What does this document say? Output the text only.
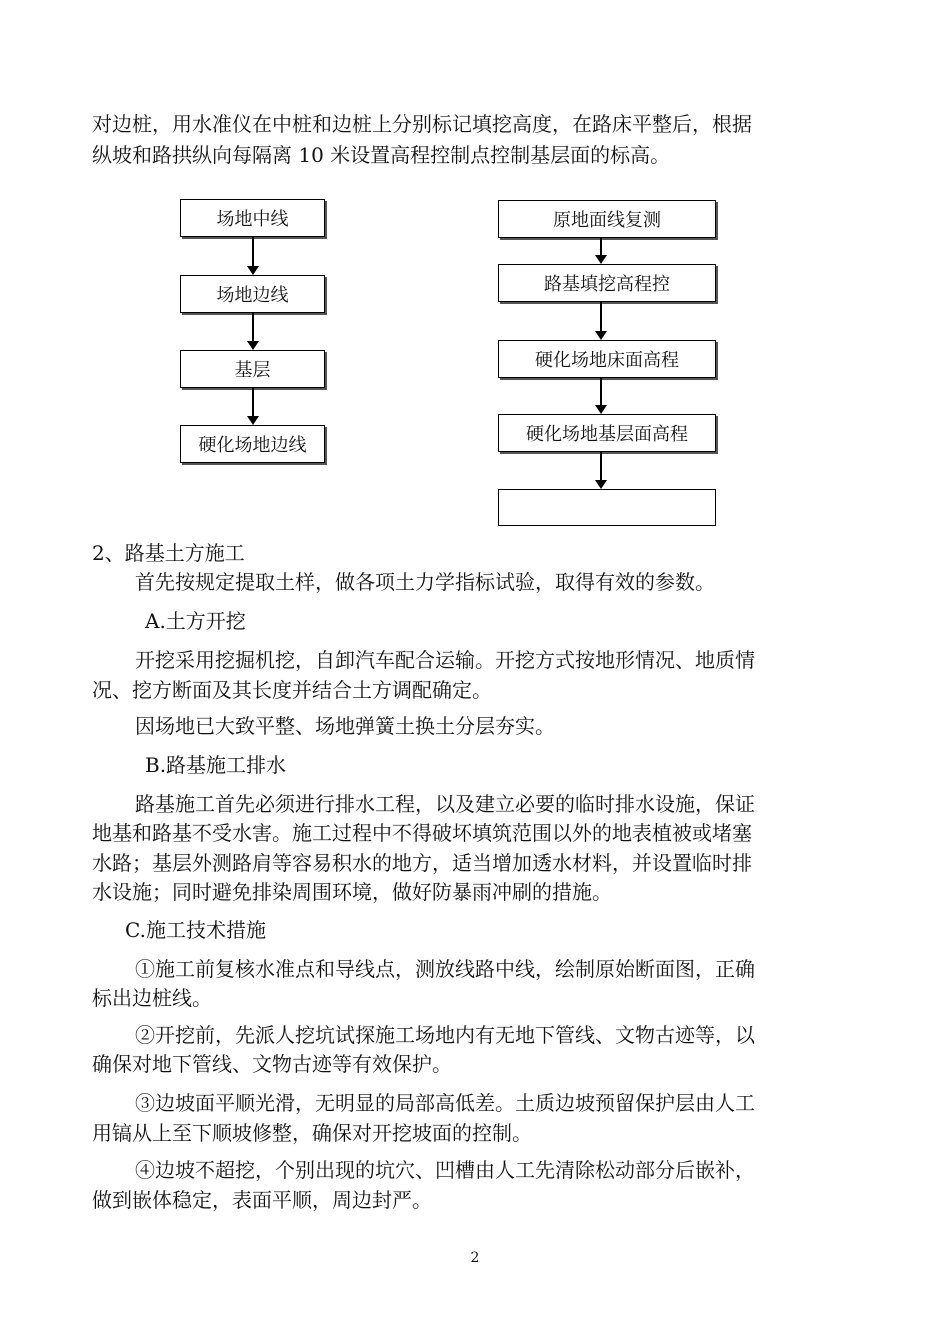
对边桩，用水准仪在中桩和边桩上分别标记填挖高度，在路床平整后，根据
纵坡和路拱纵向每隔离 10 米设置高程控制点控制基层面的标高。
场地中线
场地边线
基层
硬化场地边线
原地面线复测
路基填挖高程控
硬化场地床面高程
硬化场地基层面高程
2、路基土方施工
首先按规定提取土样，做各项土力学指标试验，取得有效的参数。
A.土方开挖
开挖采用挖掘机挖，自卸汽车配合运输。开挖方式按地形情况、地质情
况、挖方断面及其长度并结合土方调配确定。
因场地已大致平整、场地弹簧土换土分层夯实。
B.路基施工排水
路基施工首先必须进行排水工程，以及建立必要的临时排水设施，保证
地基和路基不受水害。施工过程中不得破坏填筑范围以外的地表植被或堵塞
水路；基层外测路肩等容易积水的地方，适当增加透水材料，并设置临时排
水设施；同时避免排染周围环境，做好防暴雨冲刷的措施。
C.施工技术措施
①施工前复核水准点和导线点，测放线路中线，绘制原始断面图，正确
标出边桩线。
②开挖前，先派人挖坑试探施工场地内有无地下管线、文物古迹等，以
确保对地下管线、文物古迹等有效保护。
③边坡面平顺光滑，无明显的局部高低差。土质边坡预留保护层由人工
用镐从上至下顺坡修整，确保对开挖坡面的控制。
④边坡不超挖，个别出现的坑穴、凹槽由人工先清除松动部分后嵌补，
做到嵌体稳定，表面平顺，周边封严。
2
